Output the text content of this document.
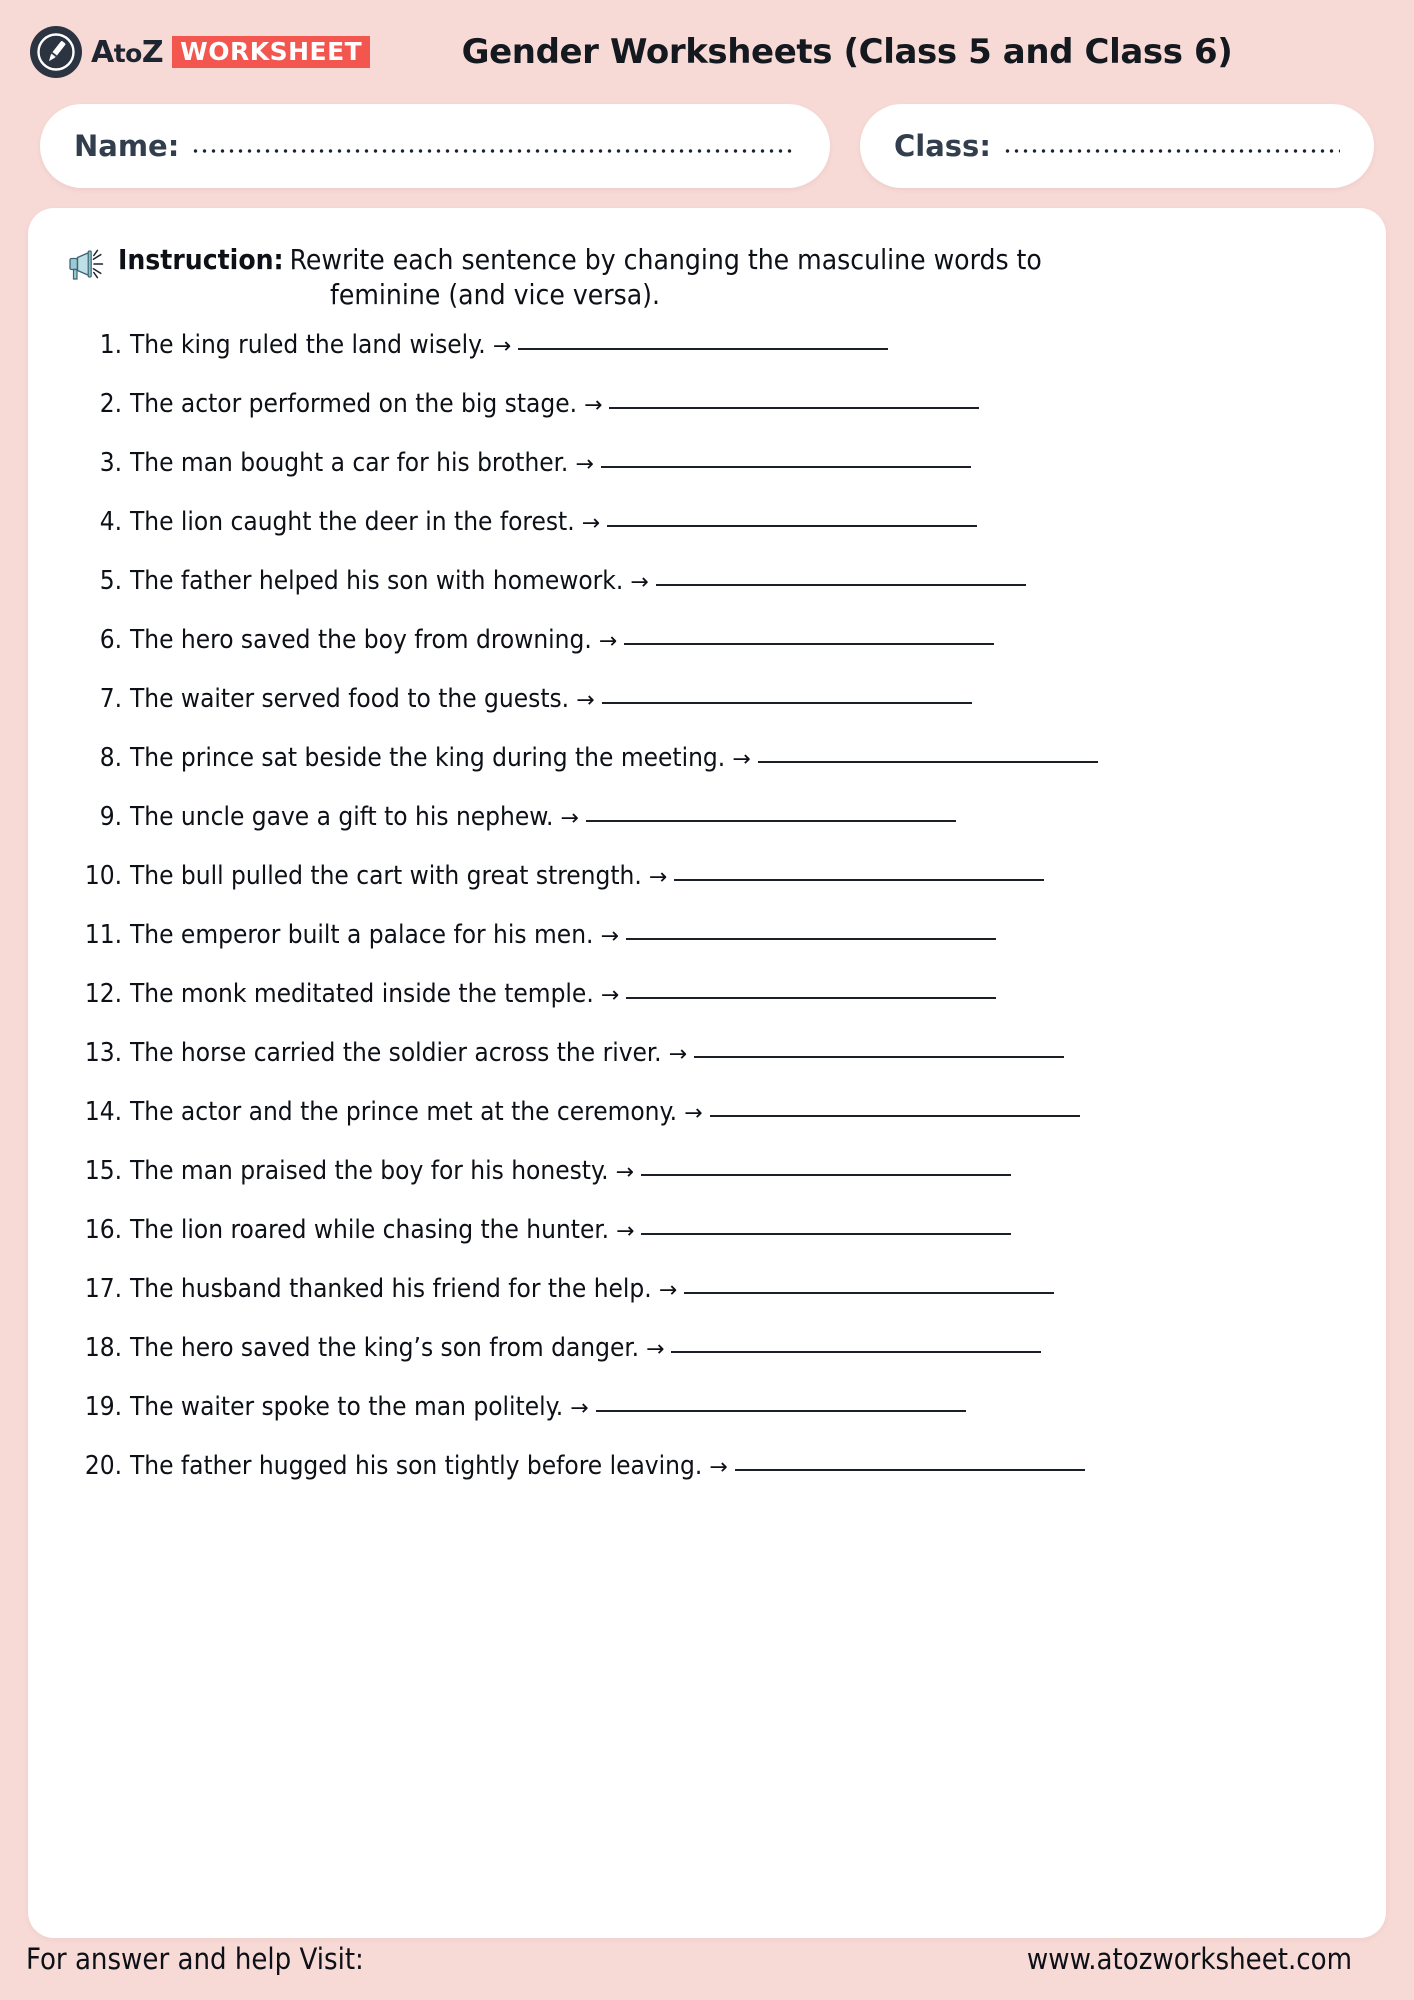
AtoZ WORKSHEET	Gender Worksheets (Class 5 and Class 6)
Name:	Class:
Instruction: Rewrite each sentence by changing the masculine words to
feminine (and vice versa).
1. The king ruled the land wisely. →
2. The actor performed on the big stage. →
3. The man bought a car for his brother. →
4. The lion caught the deer in the forest. →
5. The father helped his son with homework. →
6. The hero saved the boy from drowning. →
7. The waiter served food to the guests. →
8. The prince sat beside the king during the meeting. →
9. The uncle gave a gift to his nephew. →
10. The bull pulled the cart with great strength. →
11. The emperor built a palace for his men. →
12. The monk meditated inside the temple. →
13. The horse carried the soldier across the river. →
14. The actor and the prince met at the ceremony. →
15. The man praised the boy for his honesty. →
16. The lion roared while chasing the hunter. →
17. The husband thanked his friend for the help. →
18. The hero saved the king’s son from danger. →
19. The waiter spoke to the man politely. →
20. The father hugged his son tightly before leaving. →
For answer and help Visit:	www.atozworksheet.com
